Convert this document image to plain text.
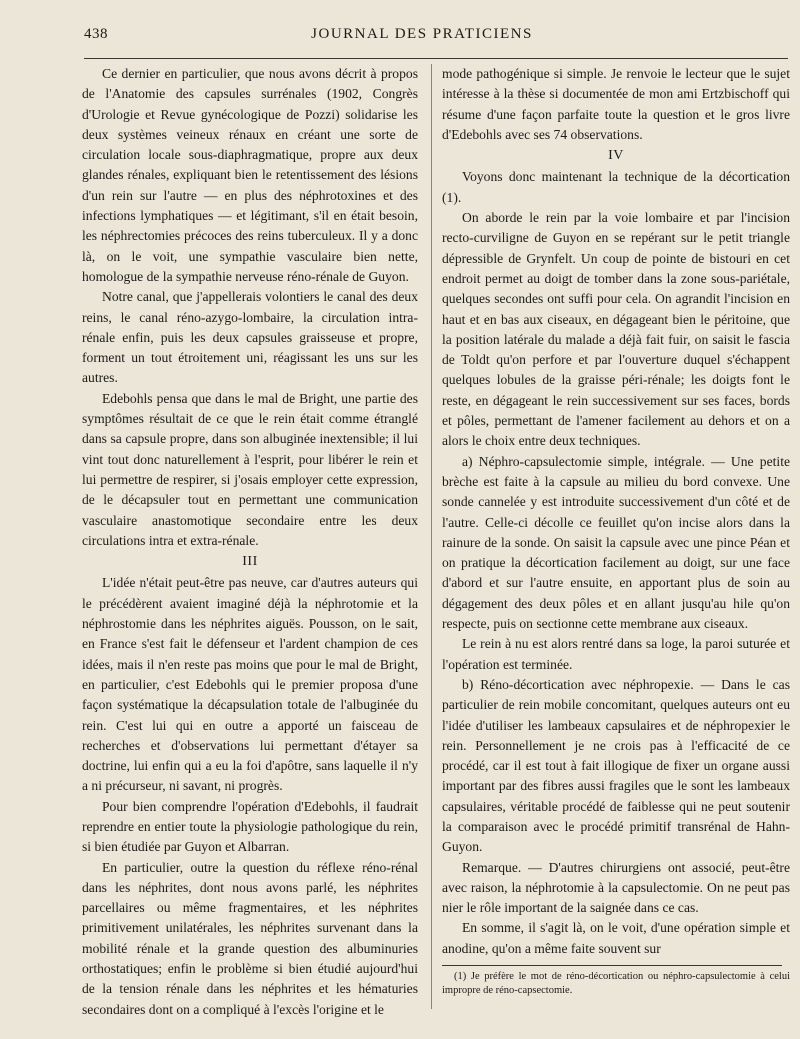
438	JOURNAL DES PRATICIENS

Ce dernier en particulier, que nous avons décrit à propos de l'Anatomie des capsules surrénales (1902, Congrès d'Urologie et Revue gynécologique de Pozzi) solidarise les deux systèmes veineux rénaux en créant une sorte de circulation locale sous-diaphragmatique, propre aux deux glandes rénales, expliquant bien le retentissement des lésions d'un rein sur l'autre — en plus des néphrotoxines et des infections lymphatiques — et légitimant, s'il en était besoin, les néphrectomies précoces des reins tuberculeux. Il y a donc là, on le voit, une sympathie vasculaire bien nette, homologue de la sympathie nerveuse réno-rénale de Guyon.

Notre canal, que j'appellerais volontiers le canal des deux reins, le canal réno-azygo-lombaire, la circulation intra-rénale enfin, puis les deux capsules graisseuse et propre, forment un tout étroitement uni, réagissant les uns sur les autres.

Edebohls pensa que dans le mal de Bright, une partie des symptômes résultait de ce que le rein était comme étranglé dans sa capsule propre, dans son albuginée inextensible; il lui vint tout donc naturellement à l'esprit, pour libérer le rein et lui permettre de respirer, si j'osais employer cette expression, de le décapsuler tout en permettant une communication vasculaire anastomotique secondaire entre les deux circulations intra et extra-rénale.

III

L'idée n'était peut-être pas neuve, car d'autres auteurs qui le précédèrent avaient imaginé déjà la néphrotomie et la néphrostomie dans les néphrites aiguës. Pousson, on le sait, en France s'est fait le défenseur et l'ardent champion de ces idées, mais il n'en reste pas moins que pour le mal de Bright, en particulier, c'est Edebohls qui le premier proposa d'une façon systématique la décapsulation totale de l'albuginée du rein. C'est lui qui en outre a apporté un faisceau de recherches et d'observations lui permettant d'étayer sa doctrine, lui enfin qui a eu la foi d'apôtre, sans laquelle il n'y a ni précurseur, ni savant, ni progrès.

Pour bien comprendre l'opération d'Edebohls, il faudrait reprendre en entier toute la physiologie pathologique du rein, si bien étudiée par Guyon et Albarran.

En particulier, outre la question du réflexe réno-rénal dans les néphrites, dont nous avons parlé, les néphrites parcellaires ou même fragmentaires, et les néphrites primitivement unilatérales, les néphrites survenant dans la mobilité rénale et la grande question des albuminuries orthostatiques; enfin le problème si bien étudié aujourd'hui de la tension rénale dans les néphrites et les hématuries secondaires dont on a compliqué à l'excès l'origine et le

mode pathogénique si simple. Je renvoie le lecteur que le sujet intéresse à la thèse si documentée de mon ami Ertzbischoff qui résume d'une façon parfaite toute la question et le gros livre d'Edebohls avec ses 74 observations.

IV

Voyons donc maintenant la technique de la décortication (1).

On aborde le rein par la voie lombaire et par l'incision recto-curviligne de Guyon en se repérant sur le petit triangle dépressible de Grynfelt. Un coup de pointe de bistouri en cet endroit permet au doigt de tomber dans la zone sous-pariétale, quelques secondes ont suffi pour cela. On agrandit l'incision en haut et en bas aux ciseaux, en dégageant bien le péritoine, que la position latérale du malade a déjà fait fuir, on saisit le fascia de Toldt qu'on perfore et par l'ouverture duquel s'échappent quelques lobules de la graisse péri-rénale; les doigts font le reste, en dégageant le rein successivement sur ses faces, bords et pôles, permettant de l'amener facilement au dehors et on a alors le choix entre deux techniques.

a) Néphro-capsulectomie simple, intégrale. — Une petite brèche est faite à la capsule au milieu du bord convexe. Une sonde cannelée y est introduite successivement d'un côté et de l'autre. Celle-ci décolle ce feuillet qu'on incise alors dans la rainure de la sonde. On saisit la capsule avec une pince Péan et on pratique la décortication facilement au doigt, sur une face d'abord et sur l'autre ensuite, en apportant plus de soin au dégagement des deux pôles et en allant jusqu'au hile qu'on respecte, puis on sectionne cette membrane aux ciseaux.

Le rein à nu est alors rentré dans sa loge, la paroi suturée et l'opération est terminée.

b) Réno-décortication avec néphropexie. — Dans le cas particulier de rein mobile concomitant, quelques auteurs ont eu l'idée d'utiliser les lambeaux capsulaires et de néphropexier le rein. Personnellement je ne crois pas à l'efficacité de ce procédé, car il est tout à fait illogique de fixer un organe aussi important par des fibres aussi fragiles que le sont les lambeaux capsulaires, véritable procédé de faiblesse qui ne peut soutenir la comparaison avec le procédé primitif transrénal de Hahn-Guyon.

Remarque. — D'autres chirurgiens ont associé, peut-être avec raison, la néphrotomie à la capsulectomie. On ne peut pas nier le rôle important de la saignée dans ce cas.

En somme, il s'agit là, on le voit, d'une opération simple et anodine, qu'on a même faite souvent sur

(1) Je préfère le mot de réno-décortication ou néphro-capsulectomie à celui impropre de réno-capsectomie.
